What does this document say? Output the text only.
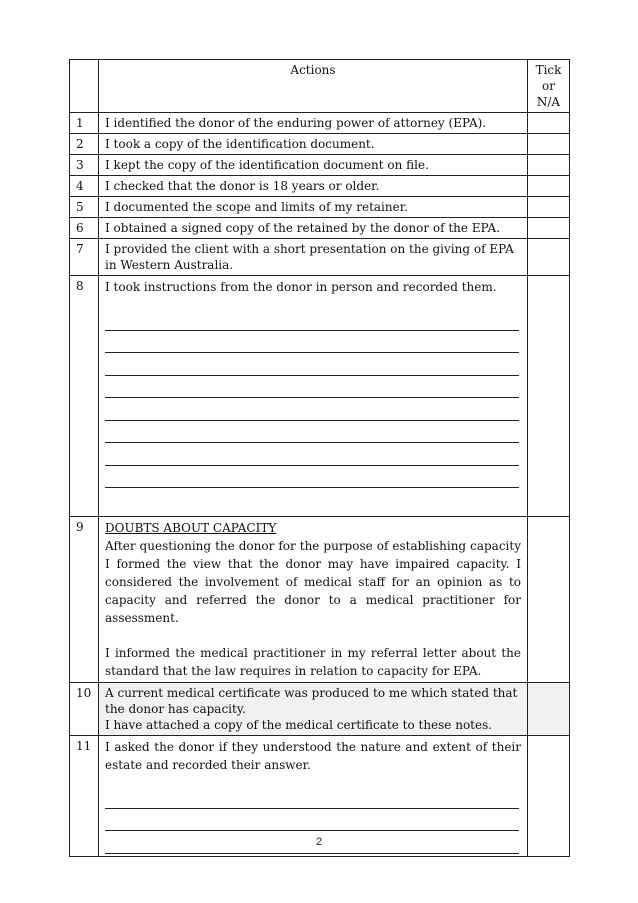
	Actions	Tick
or
N/A

1	I identified the donor of the enduring power of attorney (EPA).	
2	I took a copy of the identification document.	
3	I kept the copy of the identification document on file.	
4	I checked that the donor is 18 years or older.	
5	I documented the scope and limits of my retainer.	
6	I obtained a signed copy of the retained by the donor of the EPA.	
7	I provided the client with a short presentation on the giving of EPA in Western Australia.	
8	I took instructions from the donor in person and recorded them.	

9	DOUBTS ABOUT CAPACITY
After questioning the donor for the purpose of establishing capacity I formed the view that the donor may have impaired capacity. I considered the involvement of medical staff for an opinion as to capacity and referred the donor to a medical practitioner for assessment.
I informed the medical practitioner in my referral letter about the standard that the law requires in relation to capacity for EPA.	

10	A current medical certificate was produced to me which stated that the donor has capacity.
I have attached a copy of the medical certificate to these notes.	

11	I asked the donor if they understood the nature and extent of their estate and recorded their answer.	

2
